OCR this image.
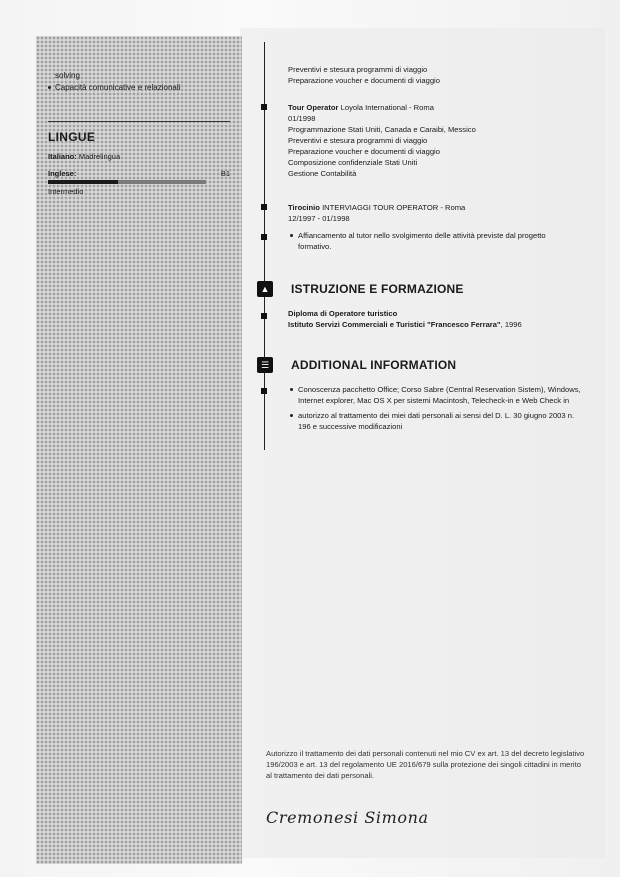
solving
Capacità comunicative e relazionali
LINGUE
Italiano: Madrelingua
Inglese:	B1
Intermedio
▲
☰
Preventivi e stesura programmi di viaggio
Preparazione voucher e documenti di viaggio
Tour Operator Loyola International - Roma
01/1998
Programmazione Stati Uniti, Canada e Caraibi, Messico
Preventivi e stesura programmi di viaggio
Preparazione voucher e documenti di viaggio
Composizione confidenziale Stati Uniti
Gestione Contabilità
Tirocinio INTERVIAGGI TOUR OPERATOR - Roma
12/1997 - 01/1998
Affiancamento al tutor nello svolgimento delle attività previste dal progetto formativo.
ISTRUZIONE E FORMAZIONE
Diploma di Operatore turistico
Istituto Servizi Commerciali e Turistici "Francesco Ferrara", 1996
ADDITIONAL INFORMATION
Conoscenza pacchetto Office; Corso Sabre (Central Reservation Sistem), Windows, Internet explorer, Mac OS X per sistemi Macintosh, Telecheck-in e Web Check in
autorizzo al trattamento dei miei dati personali ai sensi del D. L. 30 giugno 2003 n. 196 e successive modificazioni
Autorizzo il trattamento dei dati personali contenuti nel mio CV ex art. 13 del decreto legislativo 196/2003 e art. 13 del regolamento UE 2016/679 sulla protezione dei singoli cittadini in merito al trattamento dei dati personali.
Cremonesi Simona
